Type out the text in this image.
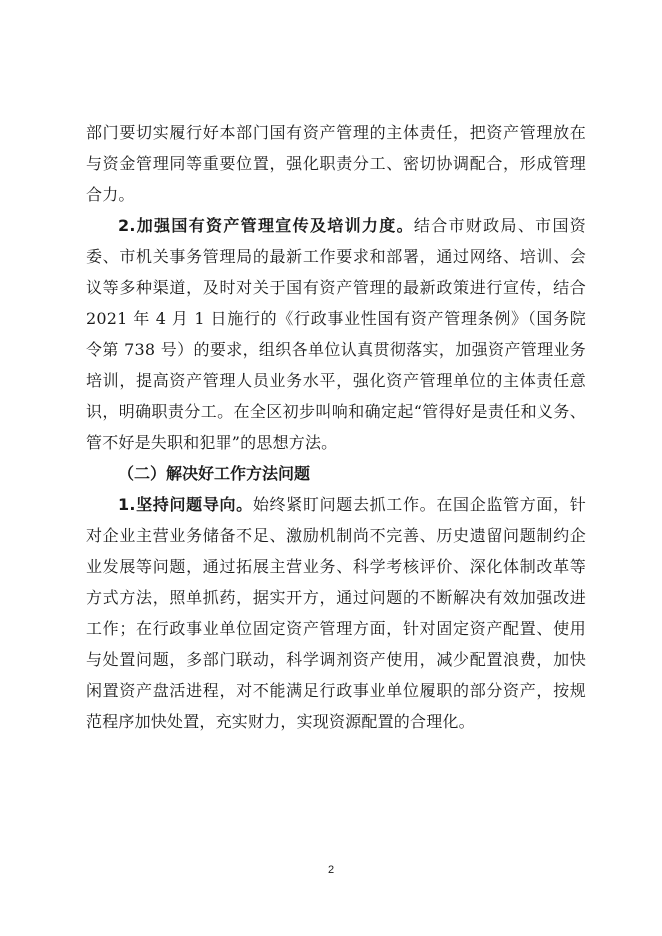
部门要切实履行好本部门国有资产管理的主体责任，把资产管理放在与资金管理同等重要位置，强化职责分工、密切协调配合，形成管理合力。

2.加强国有资产管理宣传及培训力度。结合市财政局、市国资委、市机关事务管理局的最新工作要求和部署，通过网络、培训、会议等多种渠道，及时对关于国有资产管理的最新政策进行宣传，结合 2021 年 4 月 1 日施行的《行政事业性国有资产管理条例》（国务院令第 738 号）的要求，组织各单位认真贯彻落实，加强资产管理业务培训，提高资产管理人员业务水平，强化资产管理单位的主体责任意识，明确职责分工。在全区初步叫响和确定起“管得好是责任和义务、管不好是失职和犯罪”的思想方法。

（二）解决好工作方法问题

1.坚持问题导向。始终紧盯问题去抓工作。在国企监管方面，针对企业主营业务储备不足、激励机制尚不完善、历史遗留问题制约企业发展等问题，通过拓展主营业务、科学考核评价、深化体制改革等方式方法，照单抓药，据实开方，通过问题的不断解决有效加强改进工作；在行政事业单位固定资产管理方面，针对固定资产配置、使用与处置问题，多部门联动，科学调剂资产使用，减少配置浪费，加快闲置资产盘活进程，对不能满足行政事业单位履职的部分资产，按规范程序加快处置，充实财力，实现资源配置的合理化。

2
